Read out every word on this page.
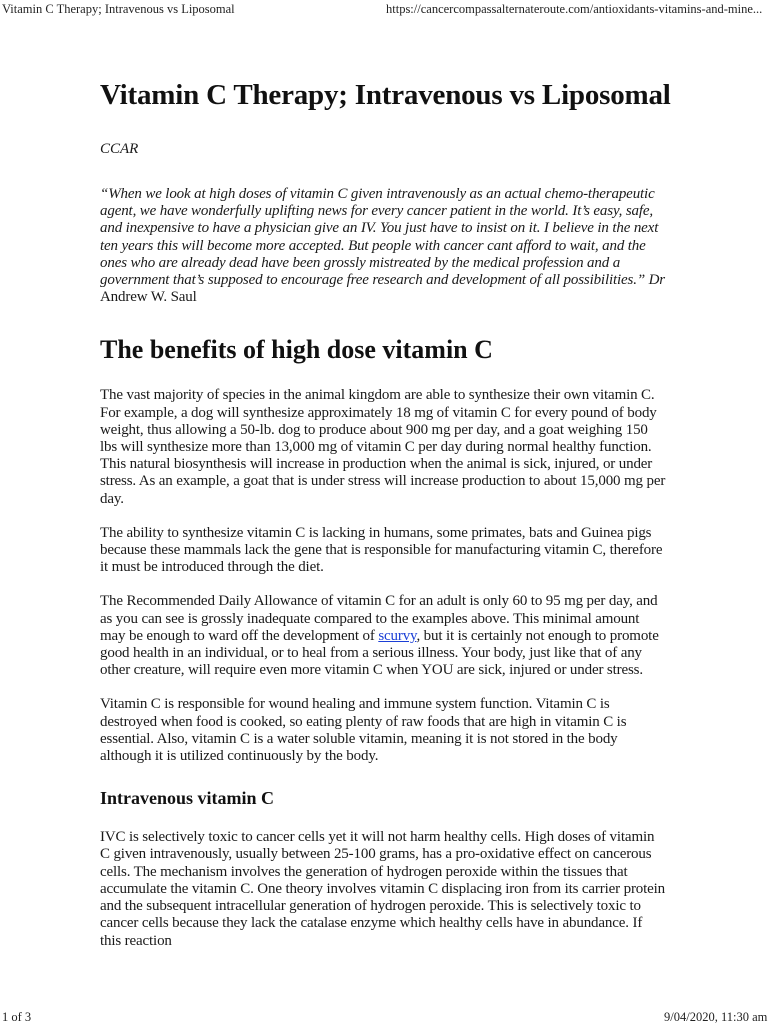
Vitamin C Therapy; Intravenous vs Liposomal	https://cancercompassalternateroute.com/antioxidants-vitamins-and-mine...
Vitamin C Therapy; Intravenous vs Liposomal
CCAR
“When we look at high doses of vitamin C given intravenously as an actual chemo-therapeutic agent, we have wonderfully uplifting news for every cancer patient in the world. It’s easy, safe, and inexpensive to have a physician give an IV. You just have to insist on it. I believe in the next ten years this will become more accepted. But people with cancer cant afford to wait, and the ones who are already dead have been grossly mistreated by the medical profession and a government that’s supposed to encourage free research and development of all possibilities.” Dr Andrew W. Saul
The benefits of high dose vitamin C

The vast majority of species in the animal kingdom are able to synthesize their own vitamin C. For example, a dog will synthesize approximately 18 mg of vitamin C for every pound of body weight, thus allowing a 50-lb. dog to produce about 900 mg per day, and a goat weighing 150 lbs will synthesize more than 13,000 mg of vitamin C per day during normal healthy function. This natural biosynthesis will increase in production when the animal is sick, injured, or under stress. As an example, a goat that is under stress will increase production to about 15,000 mg per day.

The ability to synthesize vitamin C is lacking in humans, some primates, bats and Guinea pigs because these mammals lack the gene that is responsible for manufacturing vitamin C, therefore it must be introduced through the diet.

The Recommended Daily Allowance of vitamin C for an adult is only 60 to 95 mg per day, and as you can see is grossly inadequate compared to the examples above. This minimal amount may be enough to ward off the development of scurvy, but it is certainly not enough to promote good health in an individual, or to heal from a serious illness. Your body, just like that of any other creature, will require even more vitamin C when YOU are sick, injured or under stress.

Vitamin C is responsible for wound healing and immune system function. Vitamin C is destroyed when food is cooked, so eating plenty of raw foods that are high in vitamin C is essential. Also, vitamin C is a water soluble vitamin, meaning it is not stored in the body although it is utilized continuously by the body.

Intravenous vitamin C

IVC is selectively toxic to cancer cells yet it will not harm healthy cells. High doses of vitamin C given intravenously, usually between 25-100 grams, has a pro-oxidative effect on cancerous cells. The mechanism involves the generation of hydrogen peroxide within the tissues that accumulate the vitamin C. One theory involves vitamin C displacing iron from its carrier protein and the subsequent intracellular generation of hydrogen peroxide. This is selectively toxic to cancer cells because they lack the catalase enzyme which healthy cells have in abundance. If this reaction

1 of 3	9/04/2020, 11:30 am
